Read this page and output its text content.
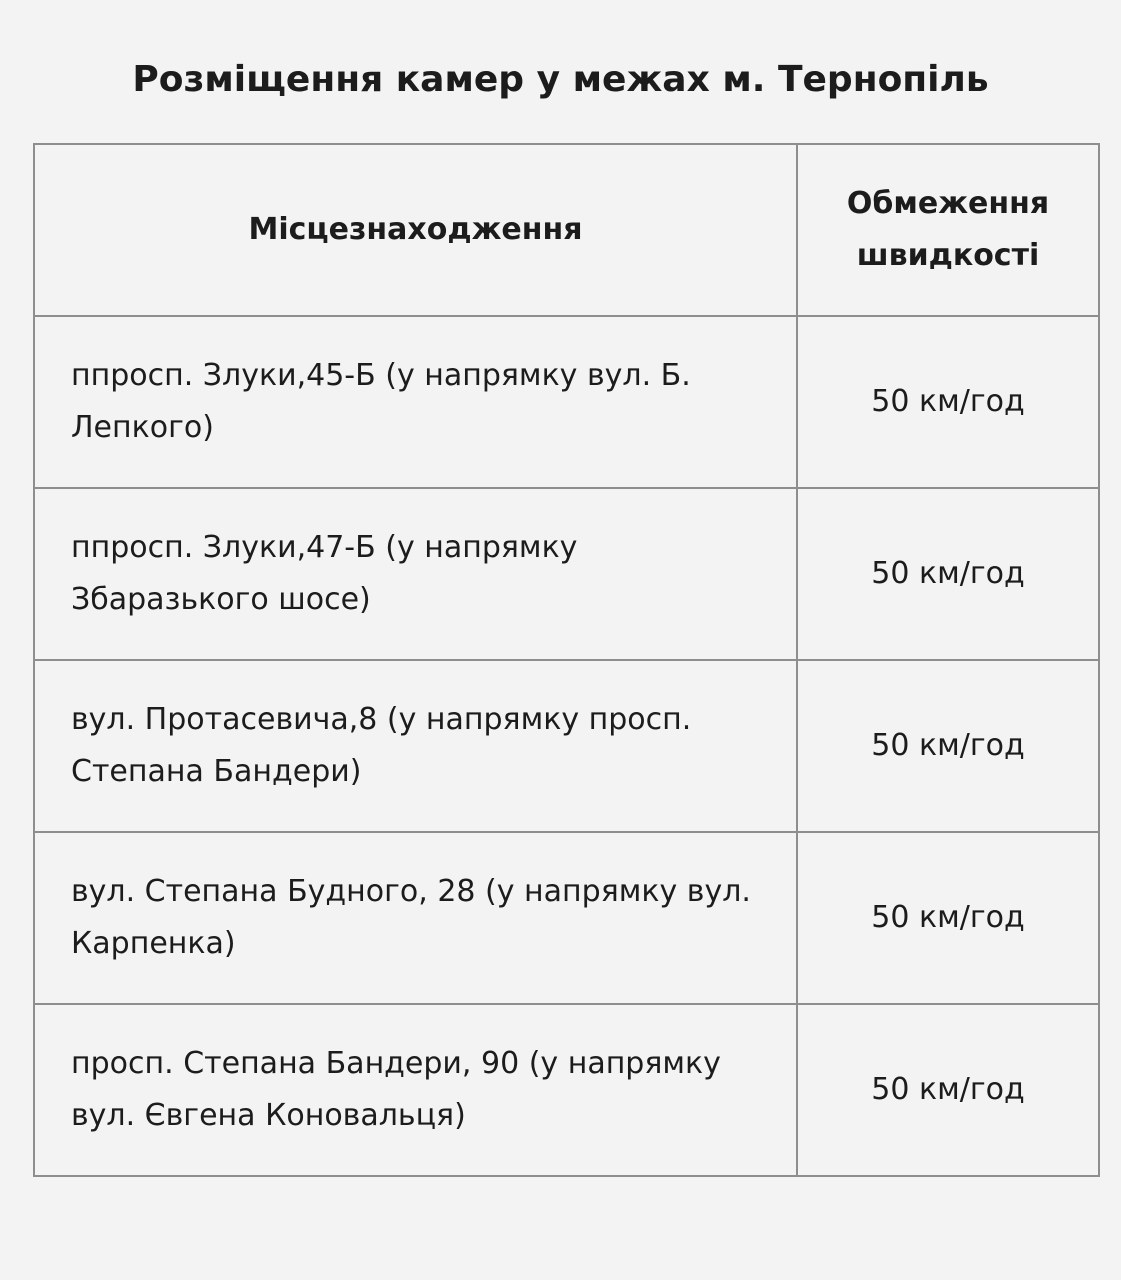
Розміщення камер у межах м. Тернопіль
Місцезнаходження	Обмеження швидкості
ппросп. Злуки,45-Б (у напрямку вул. Б. Лепкого)	50 км/год
ппросп. Злуки,47-Б (у напрямку Збаразького шосе)	50 км/год
вул. Протасевича,8 (у напрямку просп. Степана Бандери)	50 км/год
вул. Степана Будного, 28 (у напрямку вул. Карпенка)	50 км/год
просп. Степана Бандери, 90 (у напрямку вул. Євгена Коновальця)	50 км/год
